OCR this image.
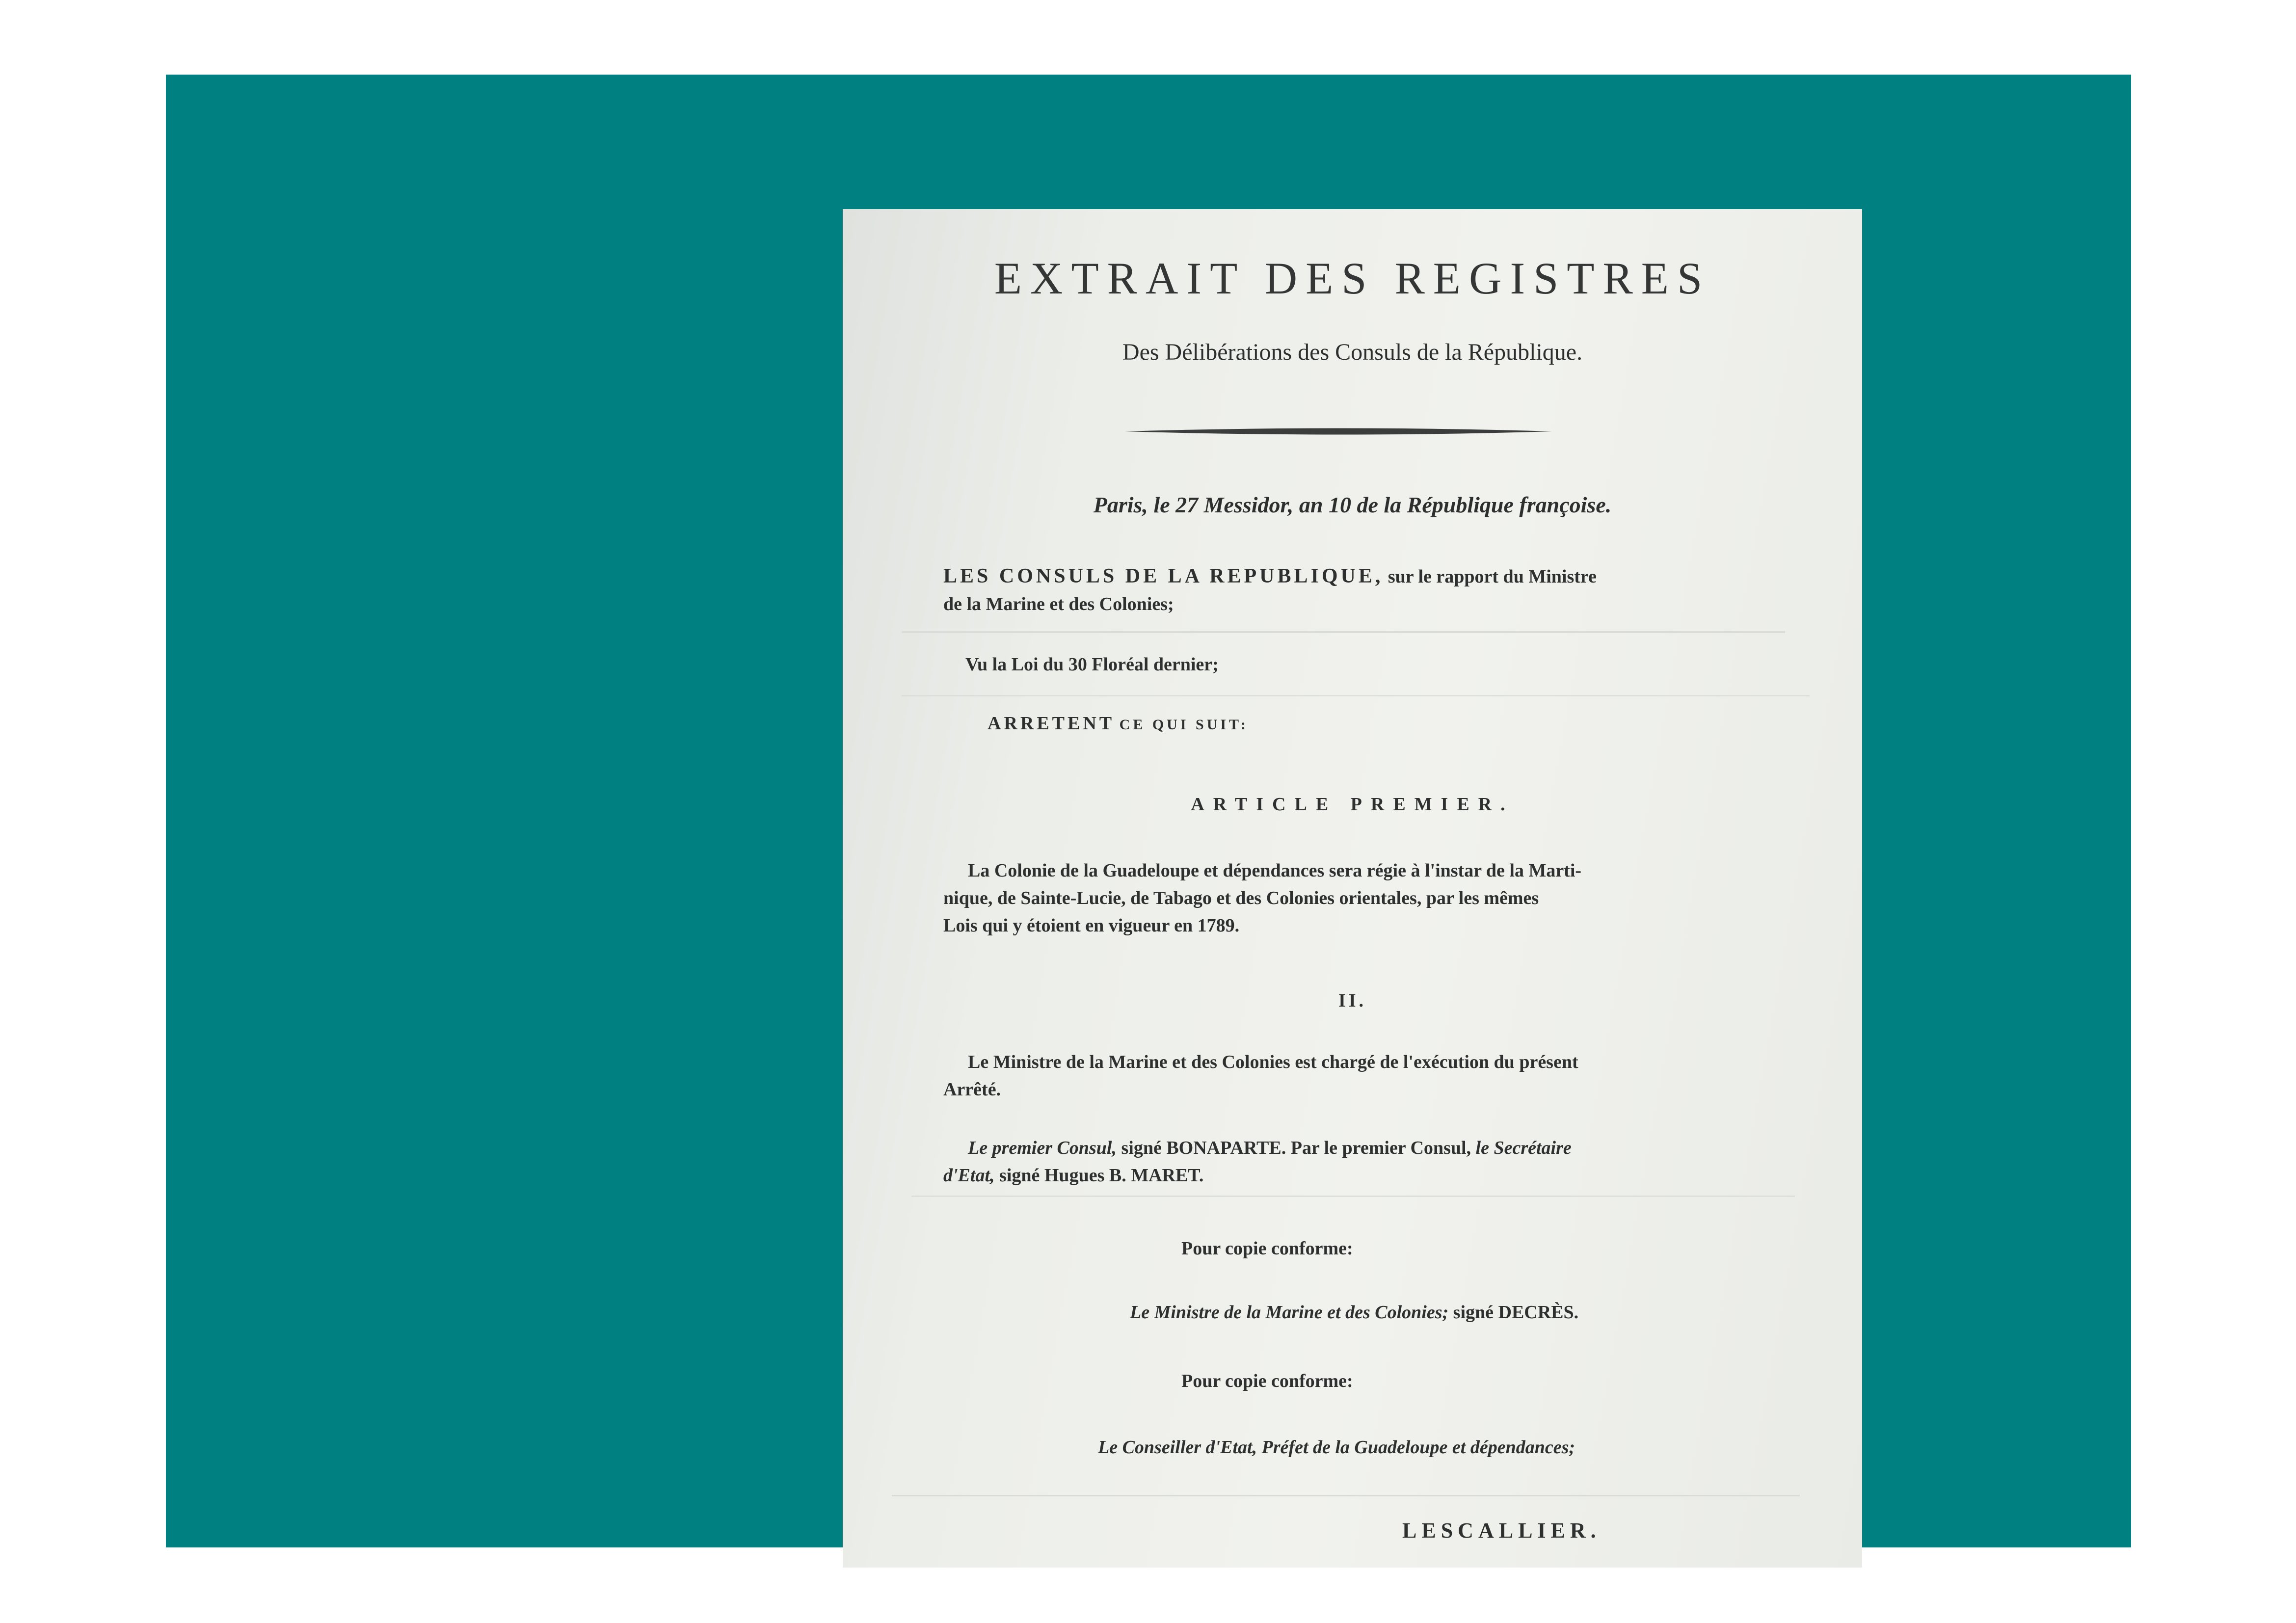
EXTRAIT DES REGISTRES
Des Délibérations des Consuls de la République.
Paris, le 27 Messidor, an 10 de la République françoise.
LES CONSULS DE LA REPUBLIQUE, sur le rapport du Ministre
de la Marine et des Colonies;
Vu la Loi du 30 Floréal dernier;
ARRETENT CE QUI SUIT:
ARTICLE PREMIER.
La Colonie de la Guadeloupe et dépendances sera régie à l'instar de la Marti-
nique, de Sainte-Lucie, de Tabago et des Colonies orientales, par les mêmes
Lois qui y étoient en vigueur en 1789.
II.
Le Ministre de la Marine et des Colonies est chargé de l'exécution du présent
Arrêté.
Le premier Consul, signé BONAPARTE. Par le premier Consul, le Secrétaire
d'Etat, signé Hugues B. MARET.
Pour copie conforme:
Le Ministre de la Marine et des Colonies; signé DECRÈS.
Pour copie conforme:
Le Conseiller d'Etat, Préfet de la Guadeloupe et dépendances;
LESCALLIER.
